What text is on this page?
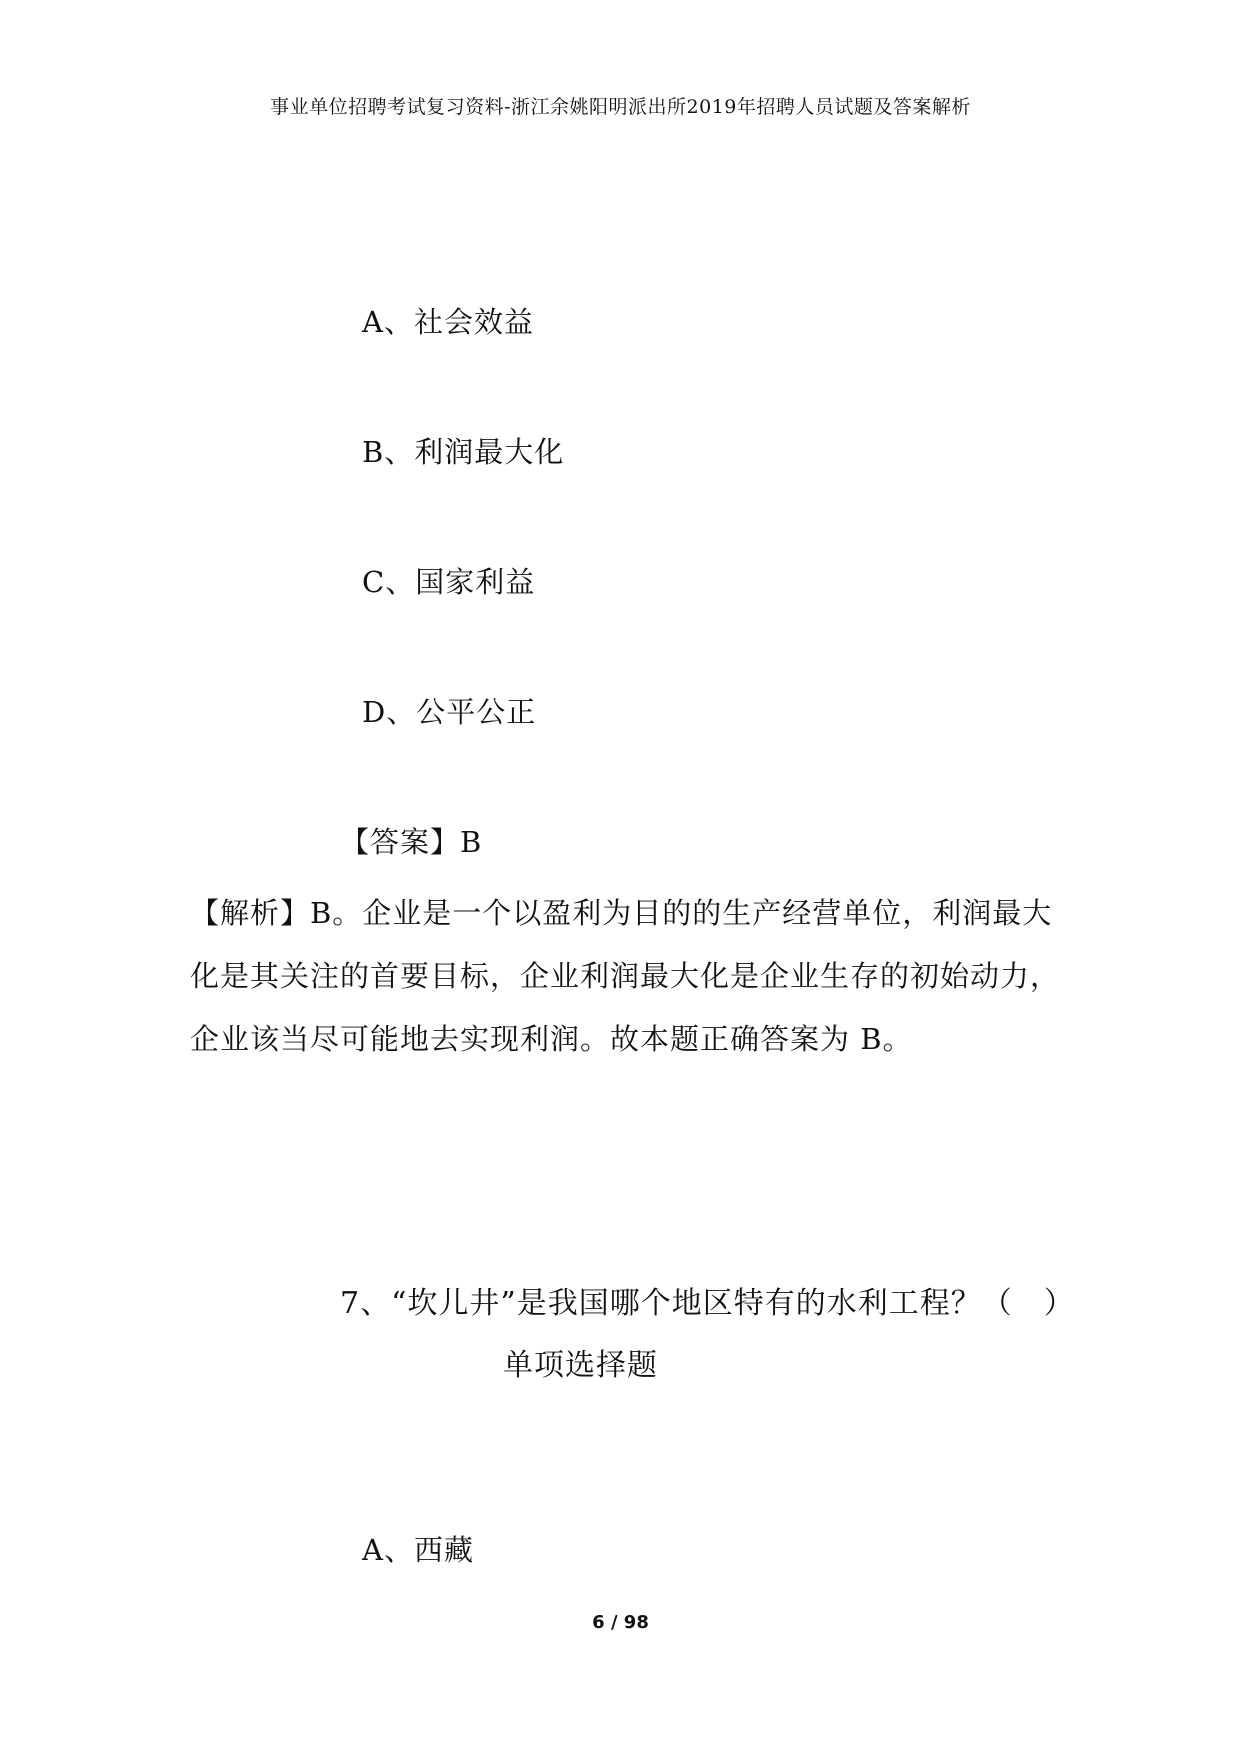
事业单位招聘考试复习资料-浙江余姚阳明派出所2019年招聘人员试题及答案解析
A、社会效益
B、利润最大化
C、国家利益
D、公平公正
【答案】B
【解析】B。企业是一个以盈利为目的的生产经营单位，利润最大化是其关注的首要目标，企业利润最大化是企业生存的初始动力，企业该当尽可能地去实现利润。故本题正确答案为 B。
7、“坎儿井”是我国哪个地区特有的水利工程？（　）
单项选择题
A、西藏
6 / 98
